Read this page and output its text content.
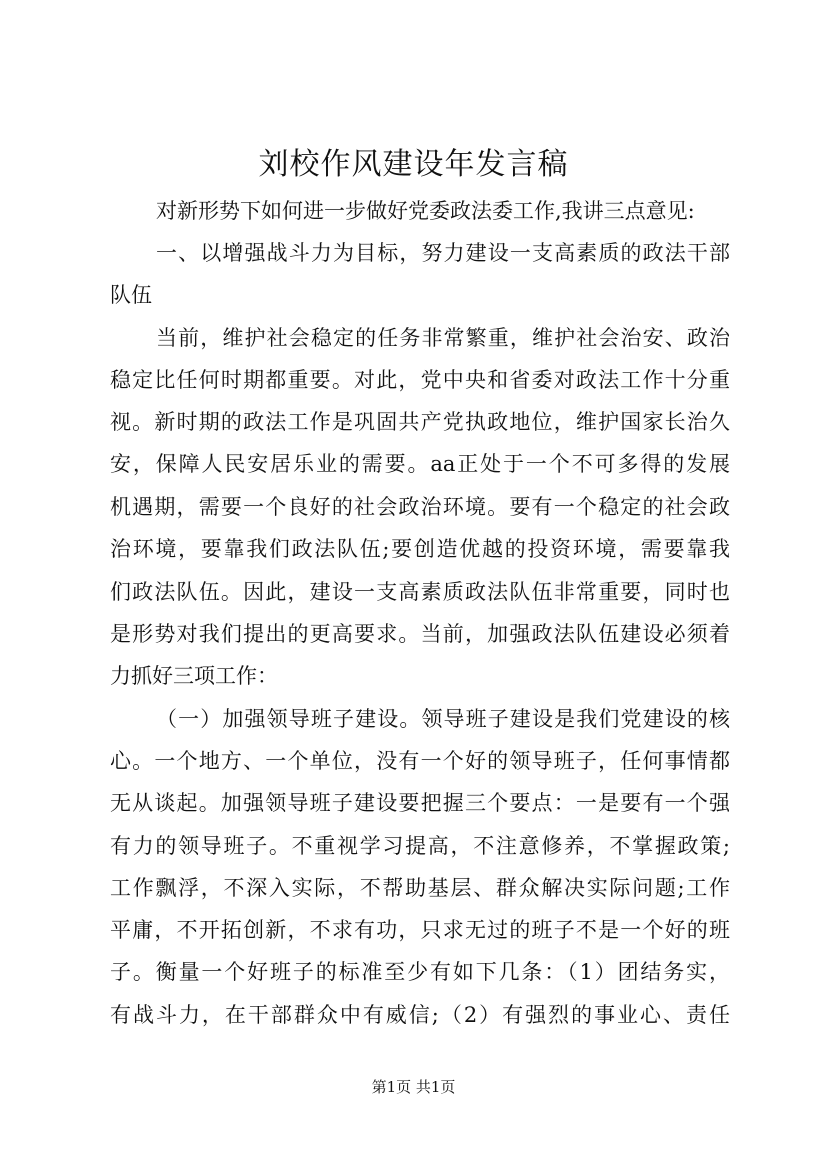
刘校作风建设年发言稿
对新形势下如何进一步做好党委政法委工作,我讲三点意见:
一、以增强战斗力为目标，努力建设一支高素质的政法干部
队伍
当前，维护社会稳定的任务非常繁重，维护社会治安、政治
稳定比任何时期都重要。对此，党中央和省委对政法工作十分重
视。新时期的政法工作是巩固共产党执政地位，维护国家长治久
安，保障人民安居乐业的需要。aa正处于一个不可多得的发展
机遇期，需要一个良好的社会政治环境。要有一个稳定的社会政
治环境，要靠我们政法队伍;要创造优越的投资环境，需要靠我
们政法队伍。因此，建设一支高素质政法队伍非常重要，同时也
是形势对我们提出的更高要求。当前，加强政法队伍建设必须着
力抓好三项工作：
（一）加强领导班子建设。领导班子建设是我们党建设的核
心。一个地方、一个单位，没有一个好的领导班子，任何事情都
无从谈起。加强领导班子建设要把握三个要点：一是要有一个强
有力的领导班子。不重视学习提高，不注意修养，不掌握政策;
工作飘浮，不深入实际，不帮助基层、群众解决实际问题;工作
平庸，不开拓创新，不求有功，只求无过的班子不是一个好的班
子。衡量一个好班子的标准至少有如下几条：（1）团结务实，
有战斗力，在干部群众中有威信;（2）有强烈的事业心、责任
第1页 共1页
